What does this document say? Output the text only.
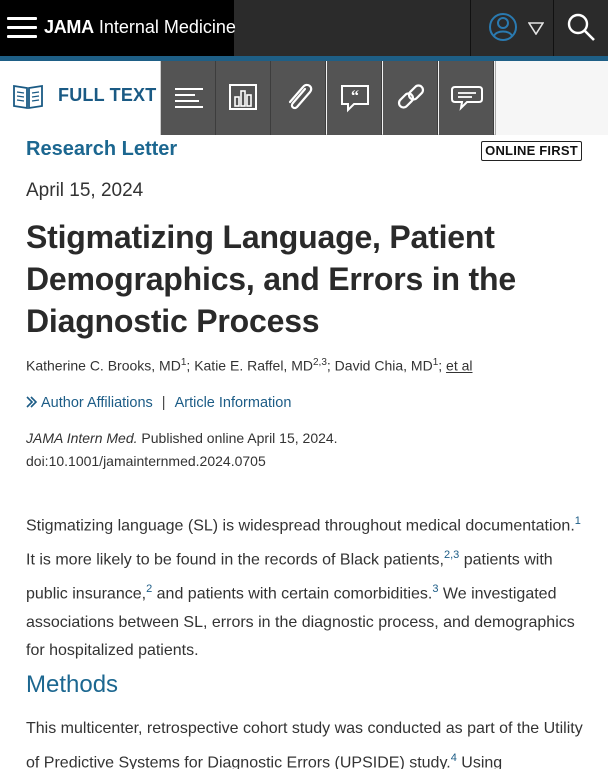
JAMA Internal Medicine
FULL TEXT	“
Research Letter	ONLINE FIRST
April 15, 2024
Stigmatizing Language, Patient Demographics, and Errors in the Diagnostic Process
Katherine C. Brooks, $MD^1$; Katie E. Raffel, MD$^{2,3}$; David Chia, $MD^1$; et al
Author Affiliations | Article Information
JAMA Intern Med. Published online April 15, 2024.
doi:10.1001/jamainternmed.2024.0705

Stigmatizing language (SL) is widespread throughout medical documentation.$^1$ It is more likely to be found in the records of Black patients,$^{2,3}$ patients with public insurance,$^2$ and patients with certain comorbidities.$^3$ We investigated associations between SL, errors in the diagnostic process, and demographics for hospitalized patients.

Methods

This multicenter, retrospective cohort study was conducted as part of the Utility of Predictive Systems for Diagnostic Errors (UPSIDE) study.$^4$ Using
